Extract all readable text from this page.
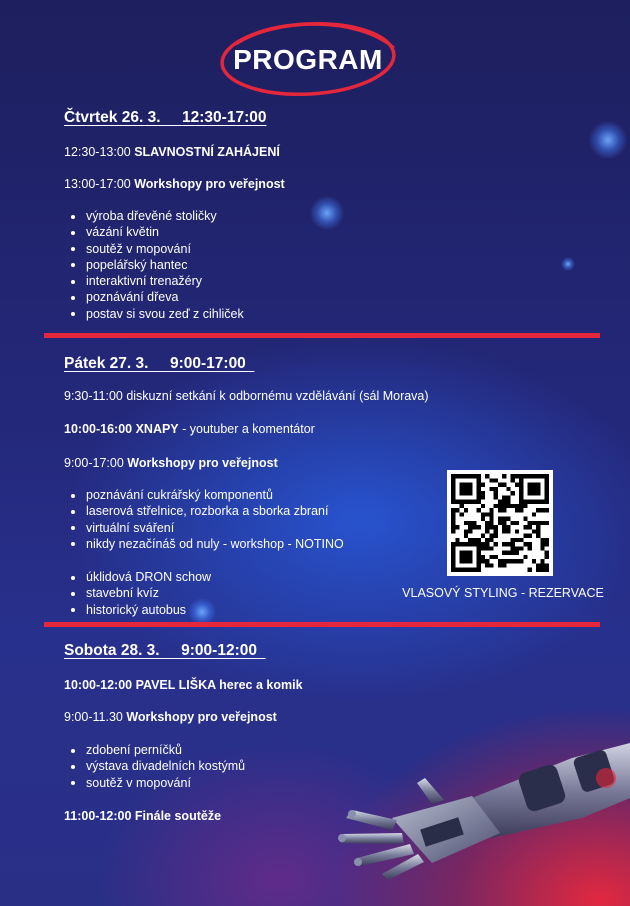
PROGRAM
Čtvrtek 26. 3.     12:30-17:00
12:30-13:00 SLAVNOSTNÍ ZAHÁJENÍ
13:00-17:00 Workshopy pro veřejnost
výroba dřevěné stoličky
vázání květin
soutěž v mopování
popelářský hantec
interaktivní trenažéry
poznávání dřeva
postav si svou zeď z cihliček
Pátek 27. 3.     9:00-17:00
9:30-11:00 diskuzní setkání k odbornému vzdělávání (sál Morava)
10:00-16:00 XNAPY - youtuber a komentátor
9:00-17:00 Workshopy pro veřejnost
poznávání cukrářský komponentů
laserová střelnice, rozborka a sborka zbraní
virtuální sváření
nikdy nezačínáš od nuly - workshop - NOTINO
úklidová DRON schow
stavební kvíz
historický autobus
VLASOVÝ STYLING - REZERVACE
Sobota 28. 3.     9:00-12:00
10:00-12:00 PAVEL LIŠKA herec a komik
9:00-11.30 Workshopy pro veřejnost
zdobení perníčků
výstava divadelních kostýmů
soutěž v mopování
11:00-12:00 Finále soutěže
